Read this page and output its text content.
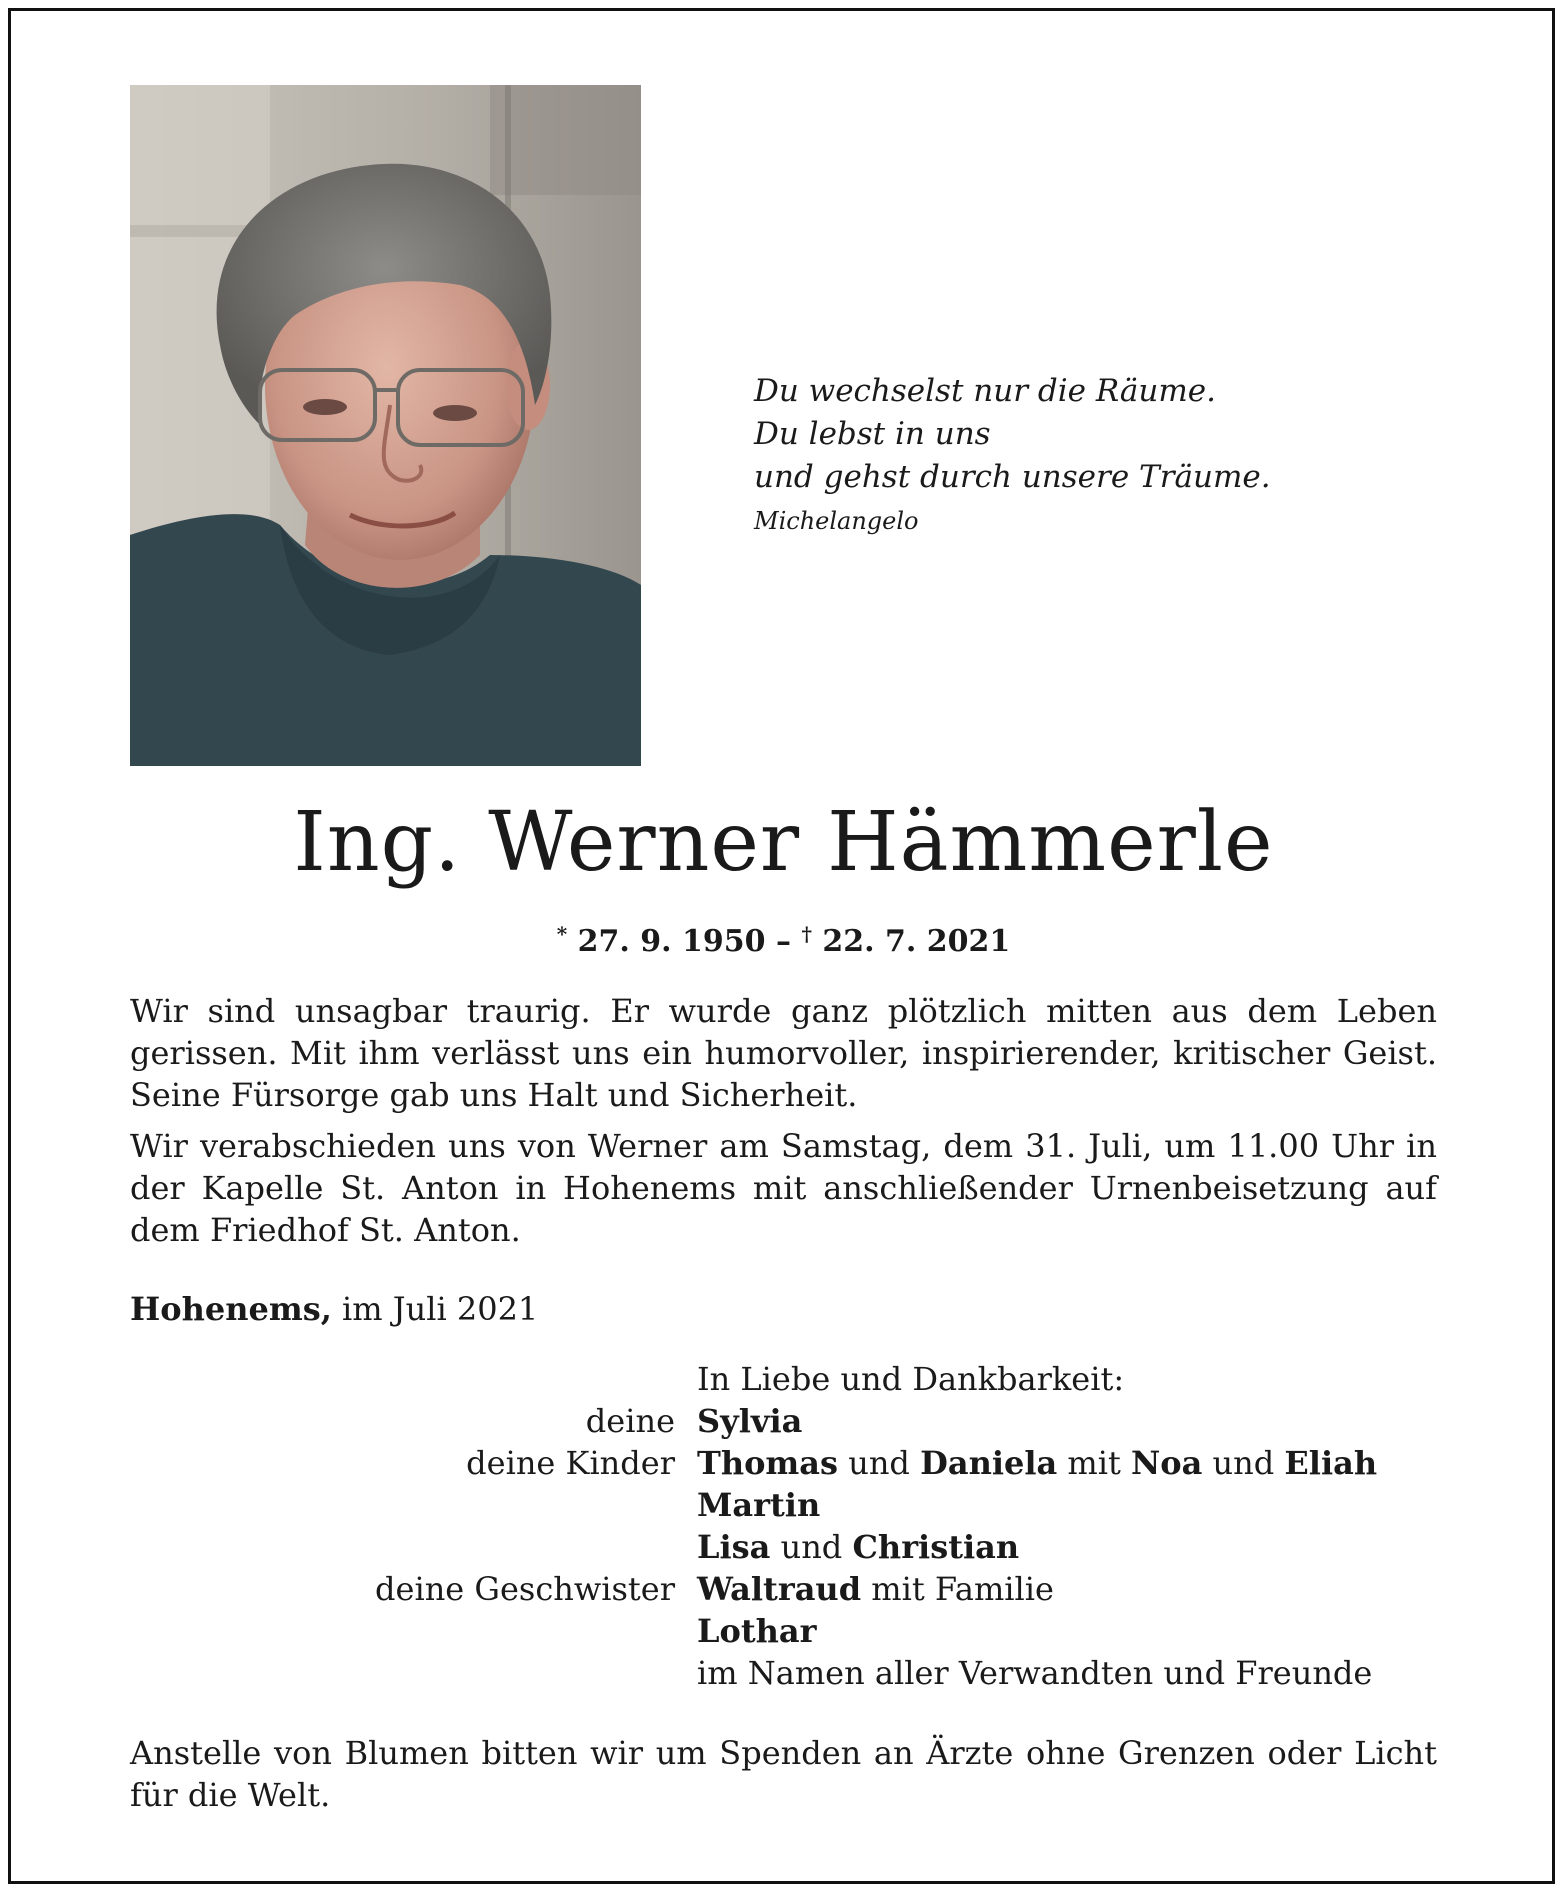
Du wechselst nur die Räume.
Du lebst in uns
und gehst durch unsere Träume.
Michelangelo
Ing. Werner Hämmerle
* 27. 9. 1950 – † 22. 7. 2021
Wir sind unsagbar traurig. Er wurde ganz plötzlich mitten aus dem Leben gerissen. Mit ihm verlässt uns ein humorvoller, inspirierender, kritischer Geist. Seine Fürsorge gab uns Halt und Sicherheit.
Wir verabschieden uns von Werner am Samstag, dem 31. Juli, um 11.00 Uhr in der Kapelle St. Anton in Hohenems mit anschließender Urnenbeisetzung auf dem Friedhof St. Anton.
Hohenems, im Juli 2021
In Liebe und Dankbarkeit:
deine Sylvia
deine Kinder Thomas und Daniela mit Noa und Eliah
Martin
Lisa und Christian
deine Geschwister Waltraud mit Familie
Lothar
im Namen aller Verwandten und Freunde
Anstelle von Blumen bitten wir um Spenden an Ärzte ohne Grenzen oder Licht für die Welt.
